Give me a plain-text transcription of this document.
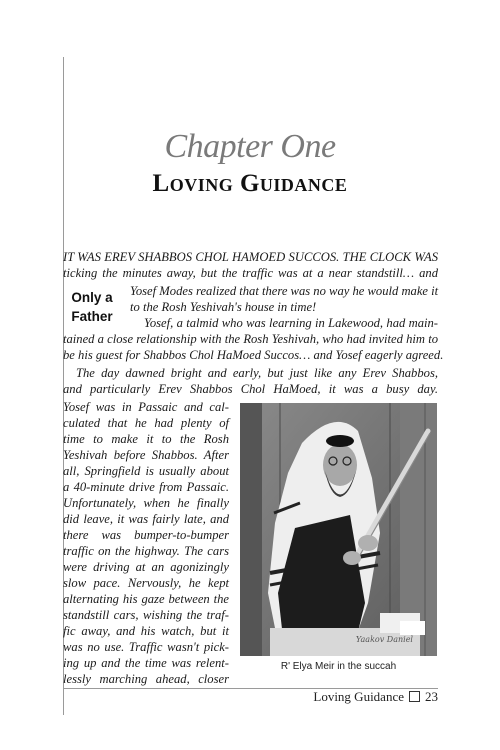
Chapter One
Loving Guidance
IT WAS EREV SHABBOS CHOL HAMOED SUCCOS. THE CLOCK WAS
ticking the minutes away, but the traffic was at a near standstill… and
Only a
Father
Yosef Modes realized that there was no way he would make it
to the Rosh Yeshivah's house in time!
Yosef, a talmid who was learning in Lakewood, had main-
tained a close relationship with the Rosh Yeshivah, who had invited him to
be his guest for Shabbos Chol HaMoed Succos… and Yosef eagerly agreed.
The day dawned bright and early, but just like any Erev Shabbos,
and particularly Erev Shabbos Chol HaMoed, it was a busy day.
Yosef was in Passaic and cal-
culated that he had plenty of
time to make it to the Rosh
Yeshivah before Shabbos. After
all, Springfield is usually about
a 40-minute drive from Passaic.
Unfortunately, when he finally
did leave, it was fairly late, and
there was bumper-to-bumper
traffic on the highway. The cars
were driving at an agonizingly
slow pace. Nervously, he kept
alternating his gaze between the
standstill cars, wishing the traf-
fic away, and his watch, but it
was no use. Traffic wasn't pick-
ing up and the time was relent-
lessly marching ahead, closer
Yaakov Daniel
R' Elya Meir in the succah
Loving Guidance 23
